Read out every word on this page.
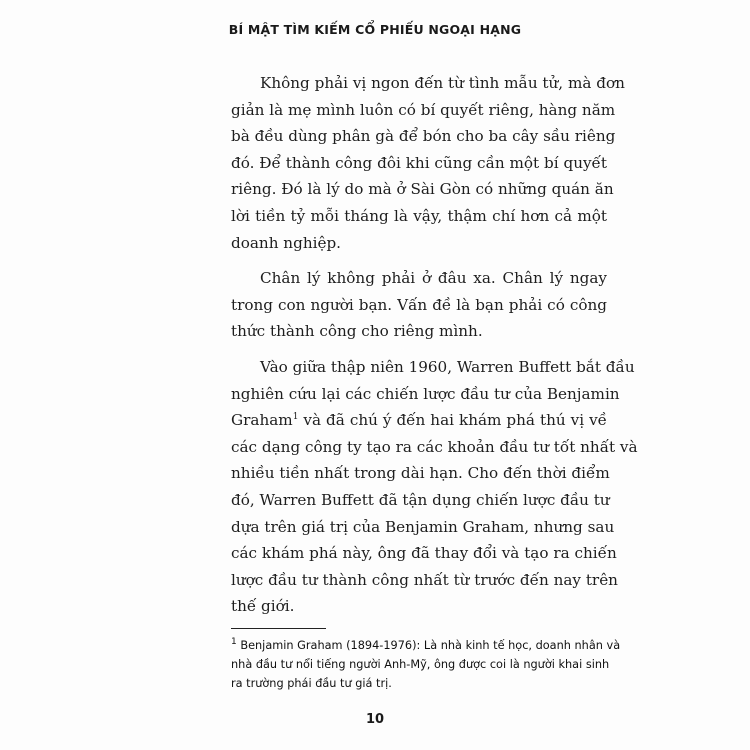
BÍ MẬT TÌM KIẾM CỔ PHIẾU NGOẠI HẠNG
Không phải vị ngon đến từ tình mẫu tử, mà đơn
giản là mẹ mình luôn có bí quyết riêng, hàng năm
bà đều dùng phân gà để bón cho ba cây sầu riêng
đó. Để thành công đôi khi cũng cần một bí quyết
riêng. Đó là lý do mà ở Sài Gòn có những quán ăn
lời tiền tỷ mỗi tháng là vậy, thậm chí hơn cả một
doanh nghiệp.
Chân lý không phải ở đâu xa. Chân lý ngay
trong con người bạn. Vấn đề là bạn phải có công
thức thành công cho riêng mình.
Vào giữa thập niên 1960, Warren Buffett bắt đầu
nghiên cứu lại các chiến lược đầu tư của Benjamin
Graham$^1$ và đã chú ý đến hai khám phá thú vị về
các dạng công ty tạo ra các khoản đầu tư tốt nhất và
nhiều tiền nhất trong dài hạn. Cho đến thời điểm
đó, Warren Buffett đã tận dụng chiến lược đầu tư
dựa trên giá trị của Benjamin Graham, nhưng sau
các khám phá này, ông đã thay đổi và tạo ra chiến
lược đầu tư thành công nhất từ trước đến nay trên
thế giới.
$^1$ Benjamin Graham (1894-1976): Là nhà kinh tế học, doanh nhân và
nhà đầu tư nổi tiếng người Anh-Mỹ, ông được coi là người khai sinh
ra trường phái đầu tư giá trị.
10
